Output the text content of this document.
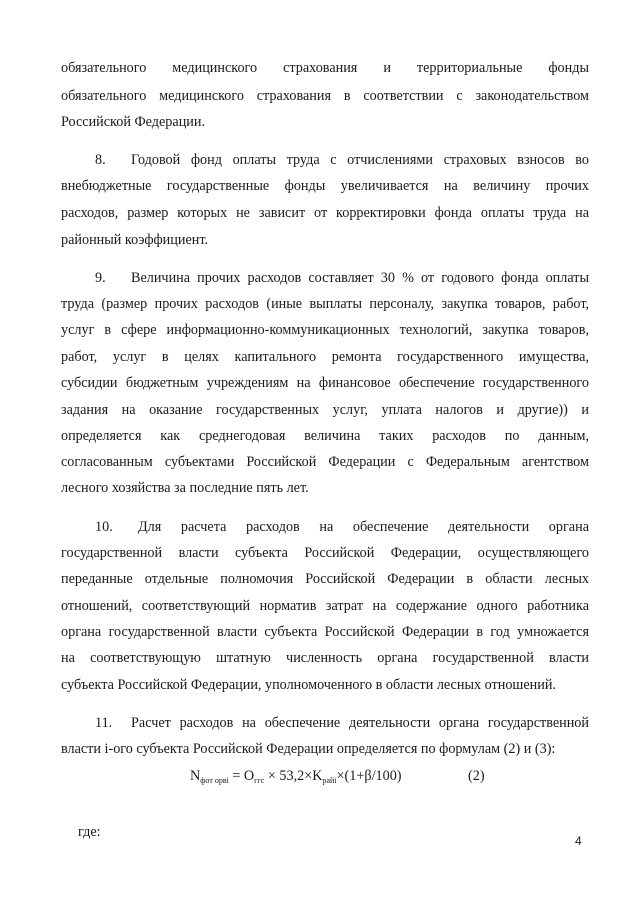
обязательного медицинского страхования и территориальные фонды
обязательного медицинского страхования в соответствии с законодательством
Российской Федерации.
8. Годовой фонд оплаты труда с отчислениями страховых взносов во
внебюджетные государственные фонды увеличивается на величину прочих
расходов, размер которых не зависит от корректировки фонда оплаты труда на
районный коэффициент.
9. Величина прочих расходов составляет 30 % от годового фонда оплаты
труда (размер прочих расходов (иные выплаты персоналу, закупка товаров, работ,
услуг в сфере информационно-коммуникационных технологий, закупка товаров,
работ, услуг в целях капитального ремонта государственного имущества,
субсидии бюджетным учреждениям на финансовое обеспечение государственного
задания на оказание государственных услуг, уплата налогов и другие)) и
определяется как среднегодовая величина таких расходов по данным,
согласованным субъектами Российской Федерации с Федеральным агентством
лесного хозяйства за последние пять лет.
10. Для расчета расходов на обеспечение деятельности органа
государственной власти субъекта Российской Федерации, осуществляющего
переданные отдельные полномочия Российской Федерации в области лесных
отношений, соответствующий норматив затрат на содержание одного работника
органа государственной власти субъекта Российской Федерации в год умножается
на соответствующую штатную численность органа государственной власти
субъекта Российской Федерации, уполномоченного в области лесных отношений.
11. Расчет расходов на обеспечение деятельности органа государственной
власти i-ого субъекта Российской Федерации определяется по формулам (2) и (3):
$N_{фот орвi} = O_{ггс} \times 53,2\times K_{райi}\times(1+\beta/100)$	(2)
где:
4
